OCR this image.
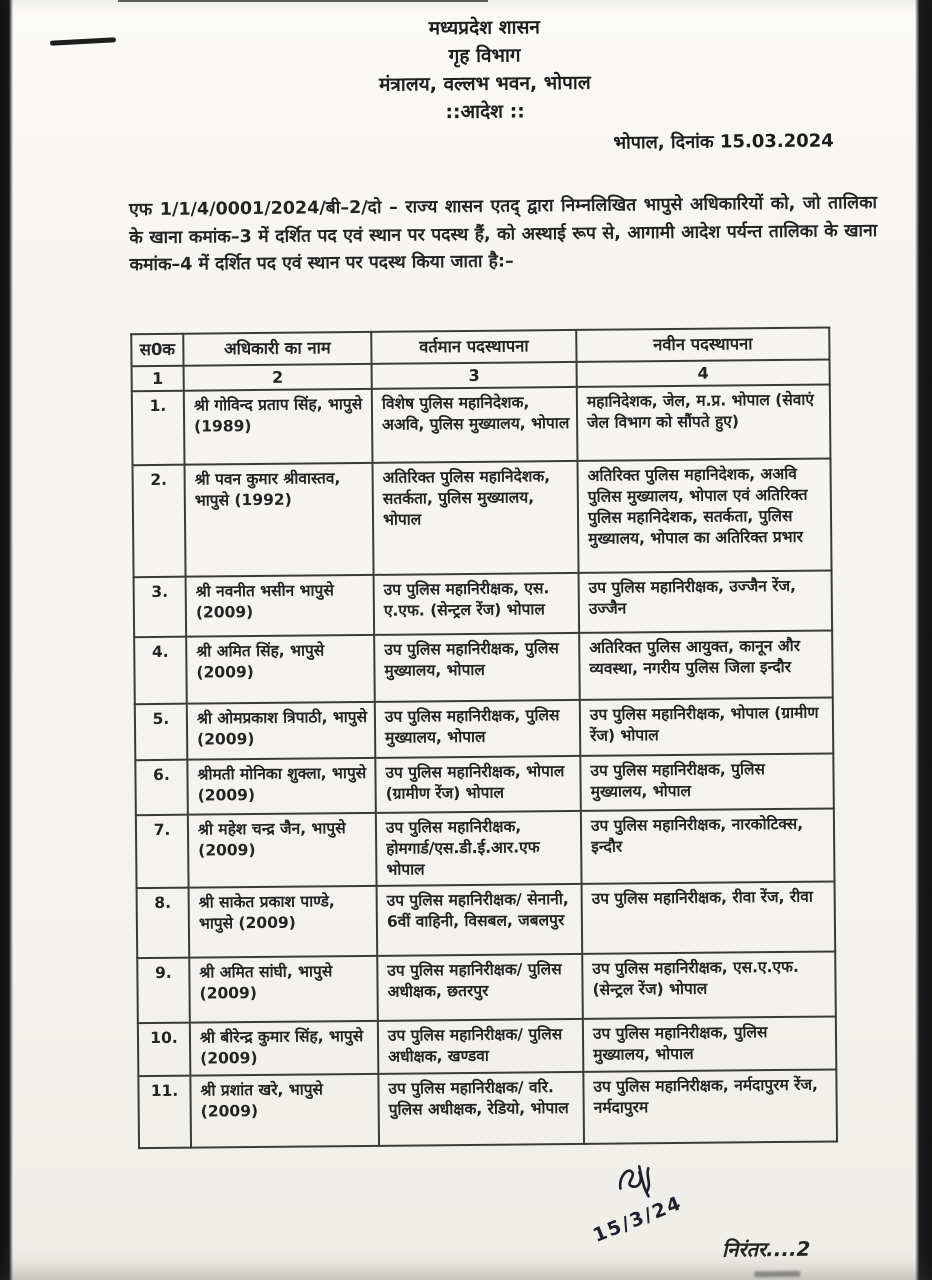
मध्यप्रदेश शासन
गृह विभाग
मंत्रालय, वल्लभ भवन, भोपाल
::आदेश ::
भोपाल, दिनांक 15.03.2024
एफ 1/1/4/0001/2024/बी–2/दो – राज्य शासन एतद् द्वारा निम्नलिखित भापुसे अधिकारियों को, जो तालिका के खाना कमांक–3 में दर्शित पद एवं स्थान पर पदस्थ हैं, को अस्थाई रूप से, आगामी आदेश पर्यन्त तालिका के खाना कमांक–4 में दर्शित पद एवं स्थान पर पदस्थ किया जाता है:–
स0क	अधिकारी का नाम	वर्तमान पदस्थापना	नवीन पदस्थापना
1	2	3	4
1.	श्री गोविन्द प्रताप सिंह, भापुसे (1989)	विशेष पुलिस महानिदेशक, अअवि, पुलिस मुख्यालय, भोपाल	महानिदेशक, जेल, म.प्र. भोपाल (सेवाएं जेल विभाग को सौंपते हुए)
2.	श्री पवन कुमार श्रीवास्तव, भापुसे (1992)	अतिरिक्त पुलिस महानिदेशक, सतर्कता, पुलिस मुख्यालय, भोपाल	अतिरिक्त पुलिस महानिदेशक, अअवि पुलिस मुख्यालय, भोपाल एवं अतिरिक्त पुलिस महानिदेशक, सतर्कता, पुलिस मुख्यालय, भोपाल का अतिरिक्त प्रभार
3.	श्री नवनीत भसीन भापुसे (2009)	उप पुलिस महानिरीक्षक, एस. ए.एफ. (सेन्ट्रल रेंज) भोपाल	उप पुलिस महानिरीक्षक, उज्जैन रेंज, उज्जैन
4.	श्री अमित सिंह, भापुसे (2009)	उप पुलिस महानिरीक्षक, पुलिस मुख्यालय, भोपाल	अतिरिक्त पुलिस आयुक्त, कानून और व्यवस्था, नगरीय पुलिस जिला इन्दौर
5.	श्री ओमप्रकाश त्रिपाठी, भापुसे (2009)	उप पुलिस महानिरीक्षक, पुलिस मुख्यालय, भोपाल	उप पुलिस महानिरीक्षक, भोपाल (ग्रामीण रेंज) भोपाल
6.	श्रीमती मोनिका शुक्ला, भापुसे (2009)	उप पुलिस महानिरीक्षक, भोपाल (ग्रामीण रेंज) भोपाल	उप पुलिस महानिरीक्षक, पुलिस मुख्यालय, भोपाल
7.	श्री महेश चन्द्र जैन, भापुसे (2009)	उप पुलिस महानिरीक्षक, होमगार्ड/एस.डी.ई.आर.एफ भोपाल	उप पुलिस महानिरीक्षक, नारकोटिक्स, इन्दौर
8.	श्री साकेत प्रकाश पाण्डे, भापुसे (2009)	उप पुलिस महानिरीक्षक/ सेनानी, 6वीं वाहिनी, विसबल, जबलपुर	उप पुलिस महानिरीक्षक, रीवा रेंज, रीवा
9.	श्री अमित सांघी, भापुसे (2009)	उप पुलिस महानिरीक्षक/ पुलिस अधीक्षक, छतरपुर	उप पुलिस महानिरीक्षक, एस.ए.एफ. (सेन्ट्रल रेंज) भोपाल
10.	श्री बीरेन्द्र कुमार सिंह, भापुसे (2009)	उप पुलिस महानिरीक्षक/ पुलिस अधीक्षक, खण्डवा	उप पुलिस महानिरीक्षक, पुलिस मुख्यालय, भोपाल
11.	श्री प्रशांत खरे, भापुसे (2009)	उप पुलिस महानिरीक्षक/ वरि. पुलिस अधीक्षक, रेडियो, भोपाल	उप पुलिस महानिरीक्षक, नर्मदापुरम रेंज, नर्मदापुरम
15/3/24
निरंतर....2
